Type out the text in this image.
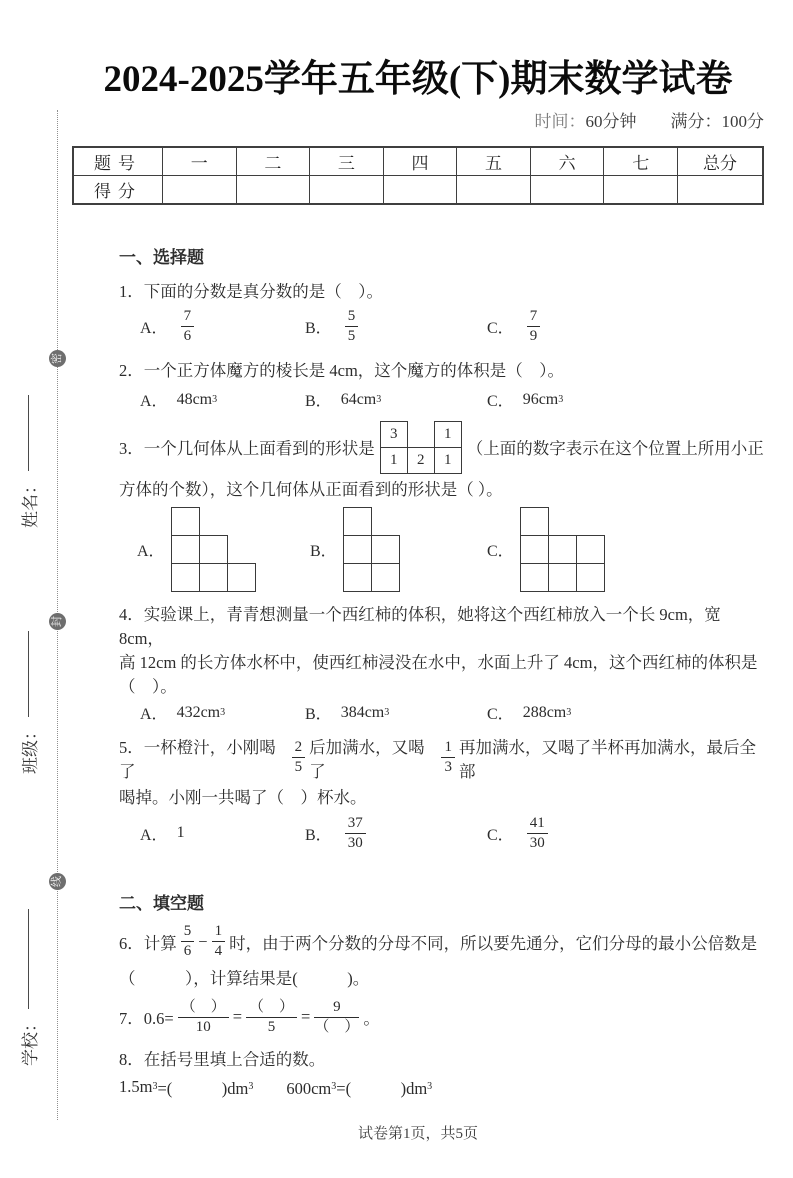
姓名：
班级：
学校：
密
封
线
2024-2025学年五年级(下)期末数学试卷
时间：60分钟 满分：100分
题号	一	二	三	四	五	六	七	总分
得分								
一、选择题
1．下面的分数是真分数的是（　）。
A． $\frac{7}{6}$	B． $\frac{5}{5}$	C． $\frac{7}{9}$
2．一个正方体魔方的棱长是 4cm，这个魔方的体积是（　）。
A． 48cm 3	B． 64cm 3	C． 96cm 3
3．一个几何体从上面看到的形状是
3		1
1	2	1
（上面的数字表示在这个位置上所用小正
方体的个数），这个几何体从正面看到的形状是（ ）。
A．

			B．

		C．

4．实验课上，青青想测量一个西红柿的体积，她将这个西红柿放入一个长 9cm，宽 8cm，
高 12cm 的长方体水杯中，使西红柿浸没在水中，水面上升了 4cm，这个西红柿的体积是（　）。
A． 432cm 3	B． 384cm 3	C． 288cm 3
5．一杯橙汁，小刚喝了	$\frac{2}{5}$ 后加满水，又喝了	$\frac{1}{3}$ 再加满水，又喝了半杯再加满水，最后全部
喝掉。小刚一共喝了（　）杯水。
A． 1	B． $\frac{37}{30}$	C． $\frac{41}{30}$
二、填空题
6．计算 $\frac{5}{6} - \frac{1}{4}$ 时，由于两个分数的分母不同，所以要先通分，它们分母的最小公倍数是
（　　　），计算结果是(　　　)。
7．$0.6= \frac{( )}{10} = \frac{( )}{5} = \frac{9}{( )}$ 。
8．在括号里填上合适的数。
1.5m 3 =(　　　)dm 3 　　600cm 3 =(　　　)dm 3
试卷第1页，共5页
